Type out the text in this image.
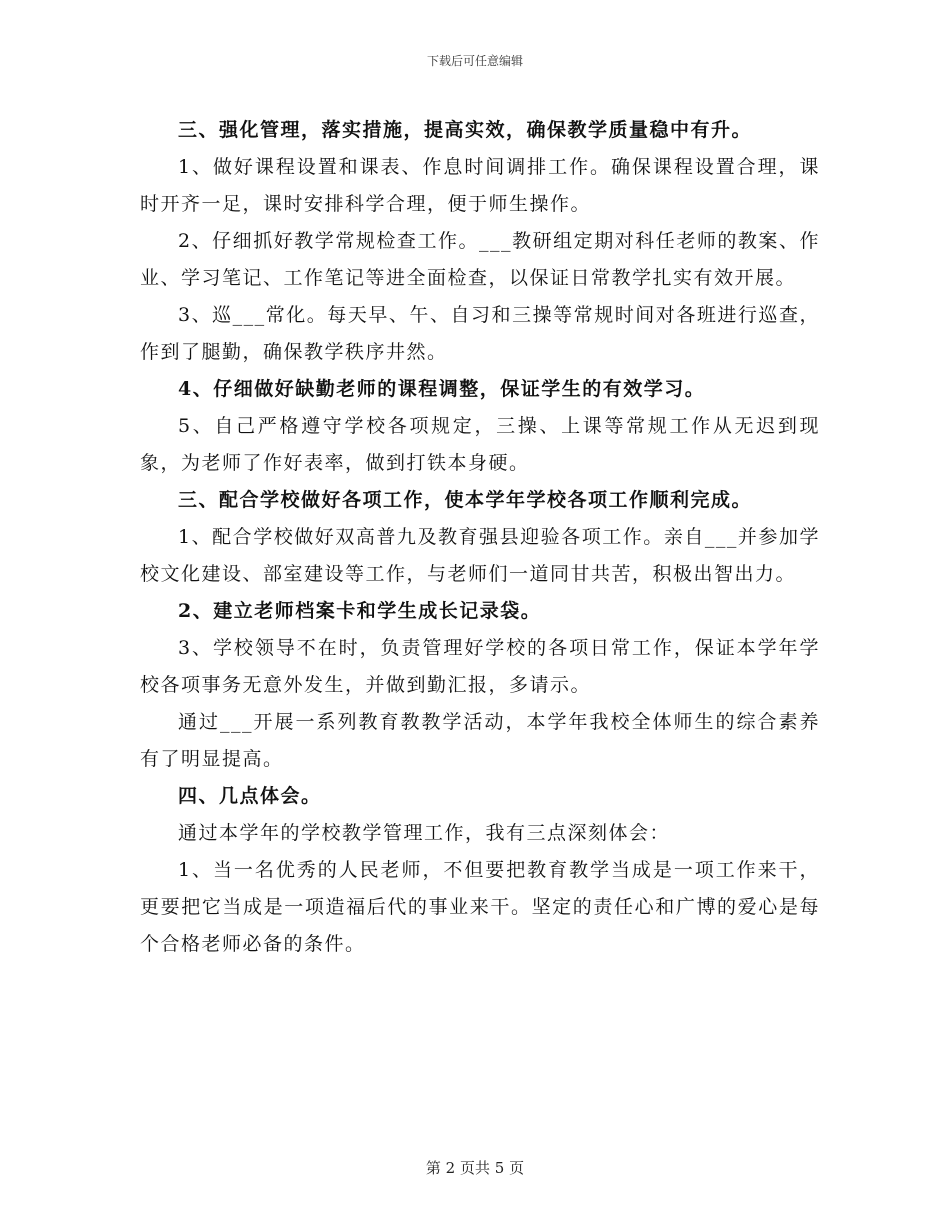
下载后可任意编辑

三、强化管理，落实措施，提高实效，确保教学质量稳中有升。

1、做好课程设置和课表、作息时间调排工作。确保课程设置合理，课时开齐一足，课时安排科学合理，便于师生操作。

2、仔细抓好教学常规检查工作。___教研组定期对科任老师的教案、作业、学习笔记、工作笔记等进全面检查，以保证日常教学扎实有效开展。

3、巡___常化。每天早、午、自习和三操等常规时间对各班进行巡查，作到了腿勤，确保教学秩序井然。

4、仔细做好缺勤老师的课程调整，保证学生的有效学习。

5、自己严格遵守学校各项规定，三操、上课等常规工作从无迟到现象，为老师了作好表率，做到打铁本身硬。

三、配合学校做好各项工作，使本学年学校各项工作顺利完成。

1、配合学校做好双高普九及教育强县迎验各项工作。亲自___并参加学校文化建设、部室建设等工作，与老师们一道同甘共苦，积极出智出力。

2、建立老师档案卡和学生成长记录袋。

3、学校领导不在时，负责管理好学校的各项日常工作，保证本学年学校各项事务无意外发生，并做到勤汇报，多请示。

通过___开展一系列教育教教学活动，本学年我校全体师生的综合素养有了明显提高。

四、几点体会。

通过本学年的学校教学管理工作，我有三点深刻体会：

1、当一名优秀的人民老师，不但要把教育教学当成是一项工作来干，更要把它当成是一项造福后代的事业来干。坚定的责任心和广博的爱心是每个合格老师必备的条件。

第 2 页共 5 页
